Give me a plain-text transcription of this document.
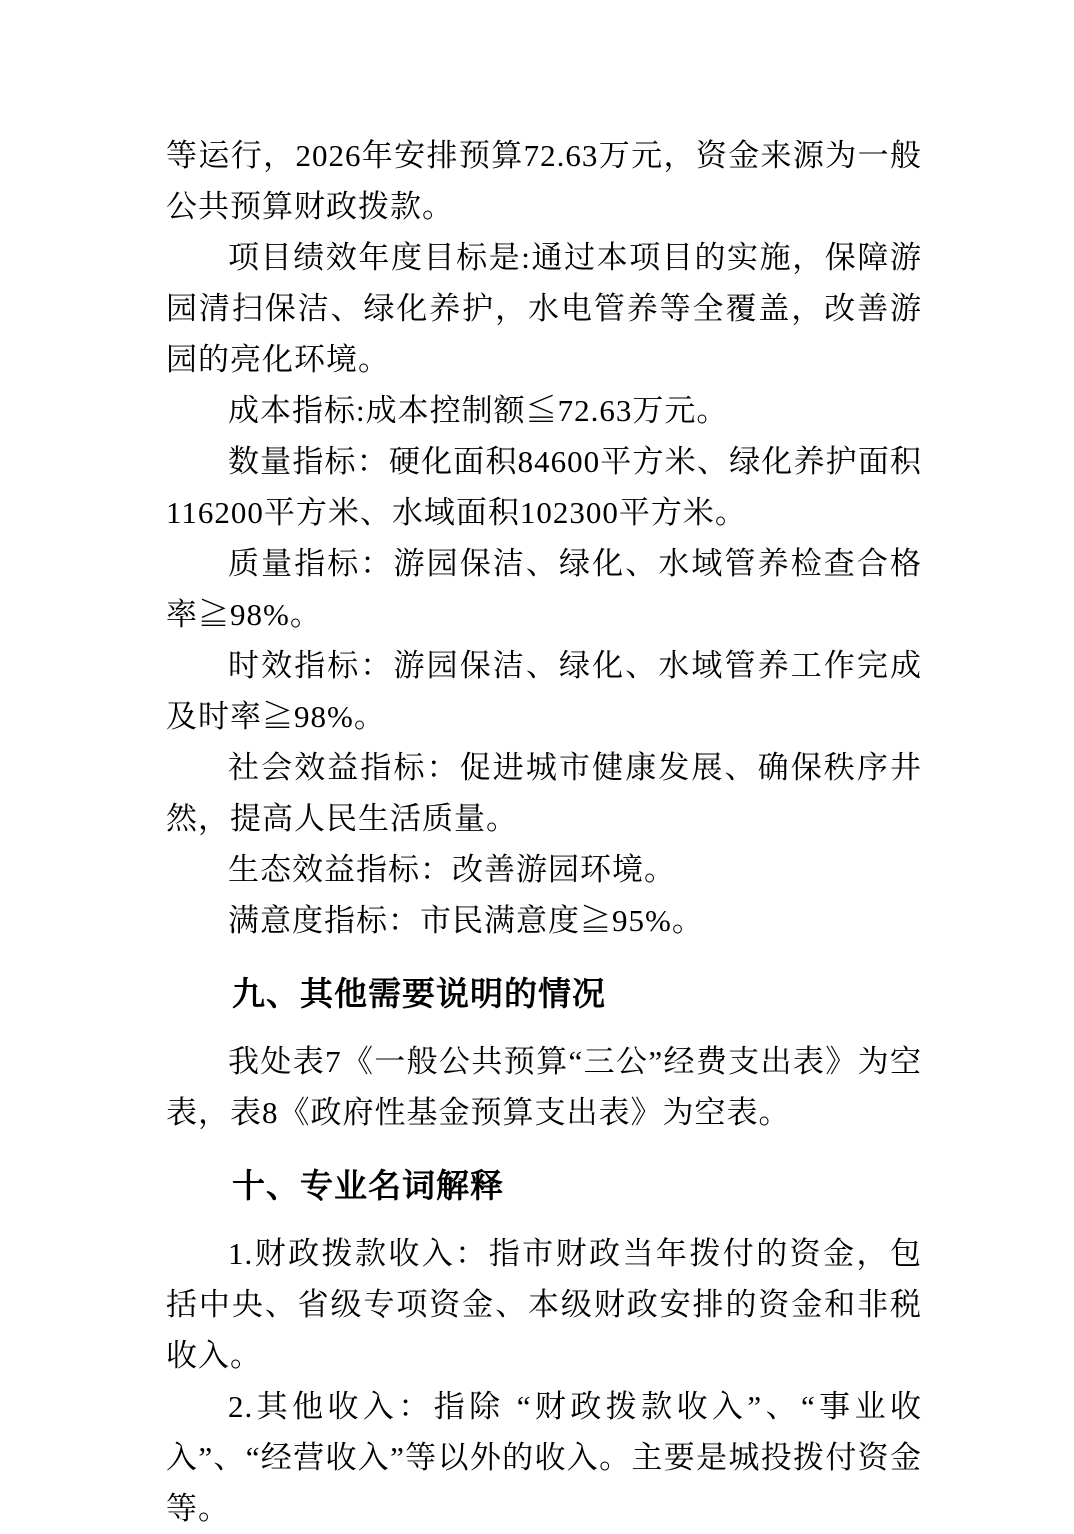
等运行，2026年安排预算72.63万元，资金来源为一般公共预算财政拨款。

项目绩效年度目标是:通过本项目的实施，保障游园清扫保洁、绿化养护，水电管养等全覆盖，改善游园的亮化环境。

成本指标:成本控制额≦72.63万元。

数量指标：硬化面积84600平方米、绿化养护面积116200平方米、水域面积102300平方米。

质量指标：游园保洁、绿化、水域管养检查合格率≧98%。

时效指标：游园保洁、绿化、水域管养工作完成及时率≧98%。

社会效益指标：促进城市健康发展、确保秩序井然，提高人民生活质量。

生态效益指标：改善游园环境。

满意度指标：市民满意度≧95%。

九、其他需要说明的情况

我处表7《一般公共预算“三公”经费支出表》为空表，表8《政府性基金预算支出表》为空表。

十、专业名词解释

1.财政拨款收入：指市财政当年拨付的资金，包括中央、省级专项资金、本级财政安排的资金和非税收入。

2.其他收入：指除 “财政拨款收入”、“事业收入”、“经营收入”等以外的收入。主要是城投拨付资金等。
